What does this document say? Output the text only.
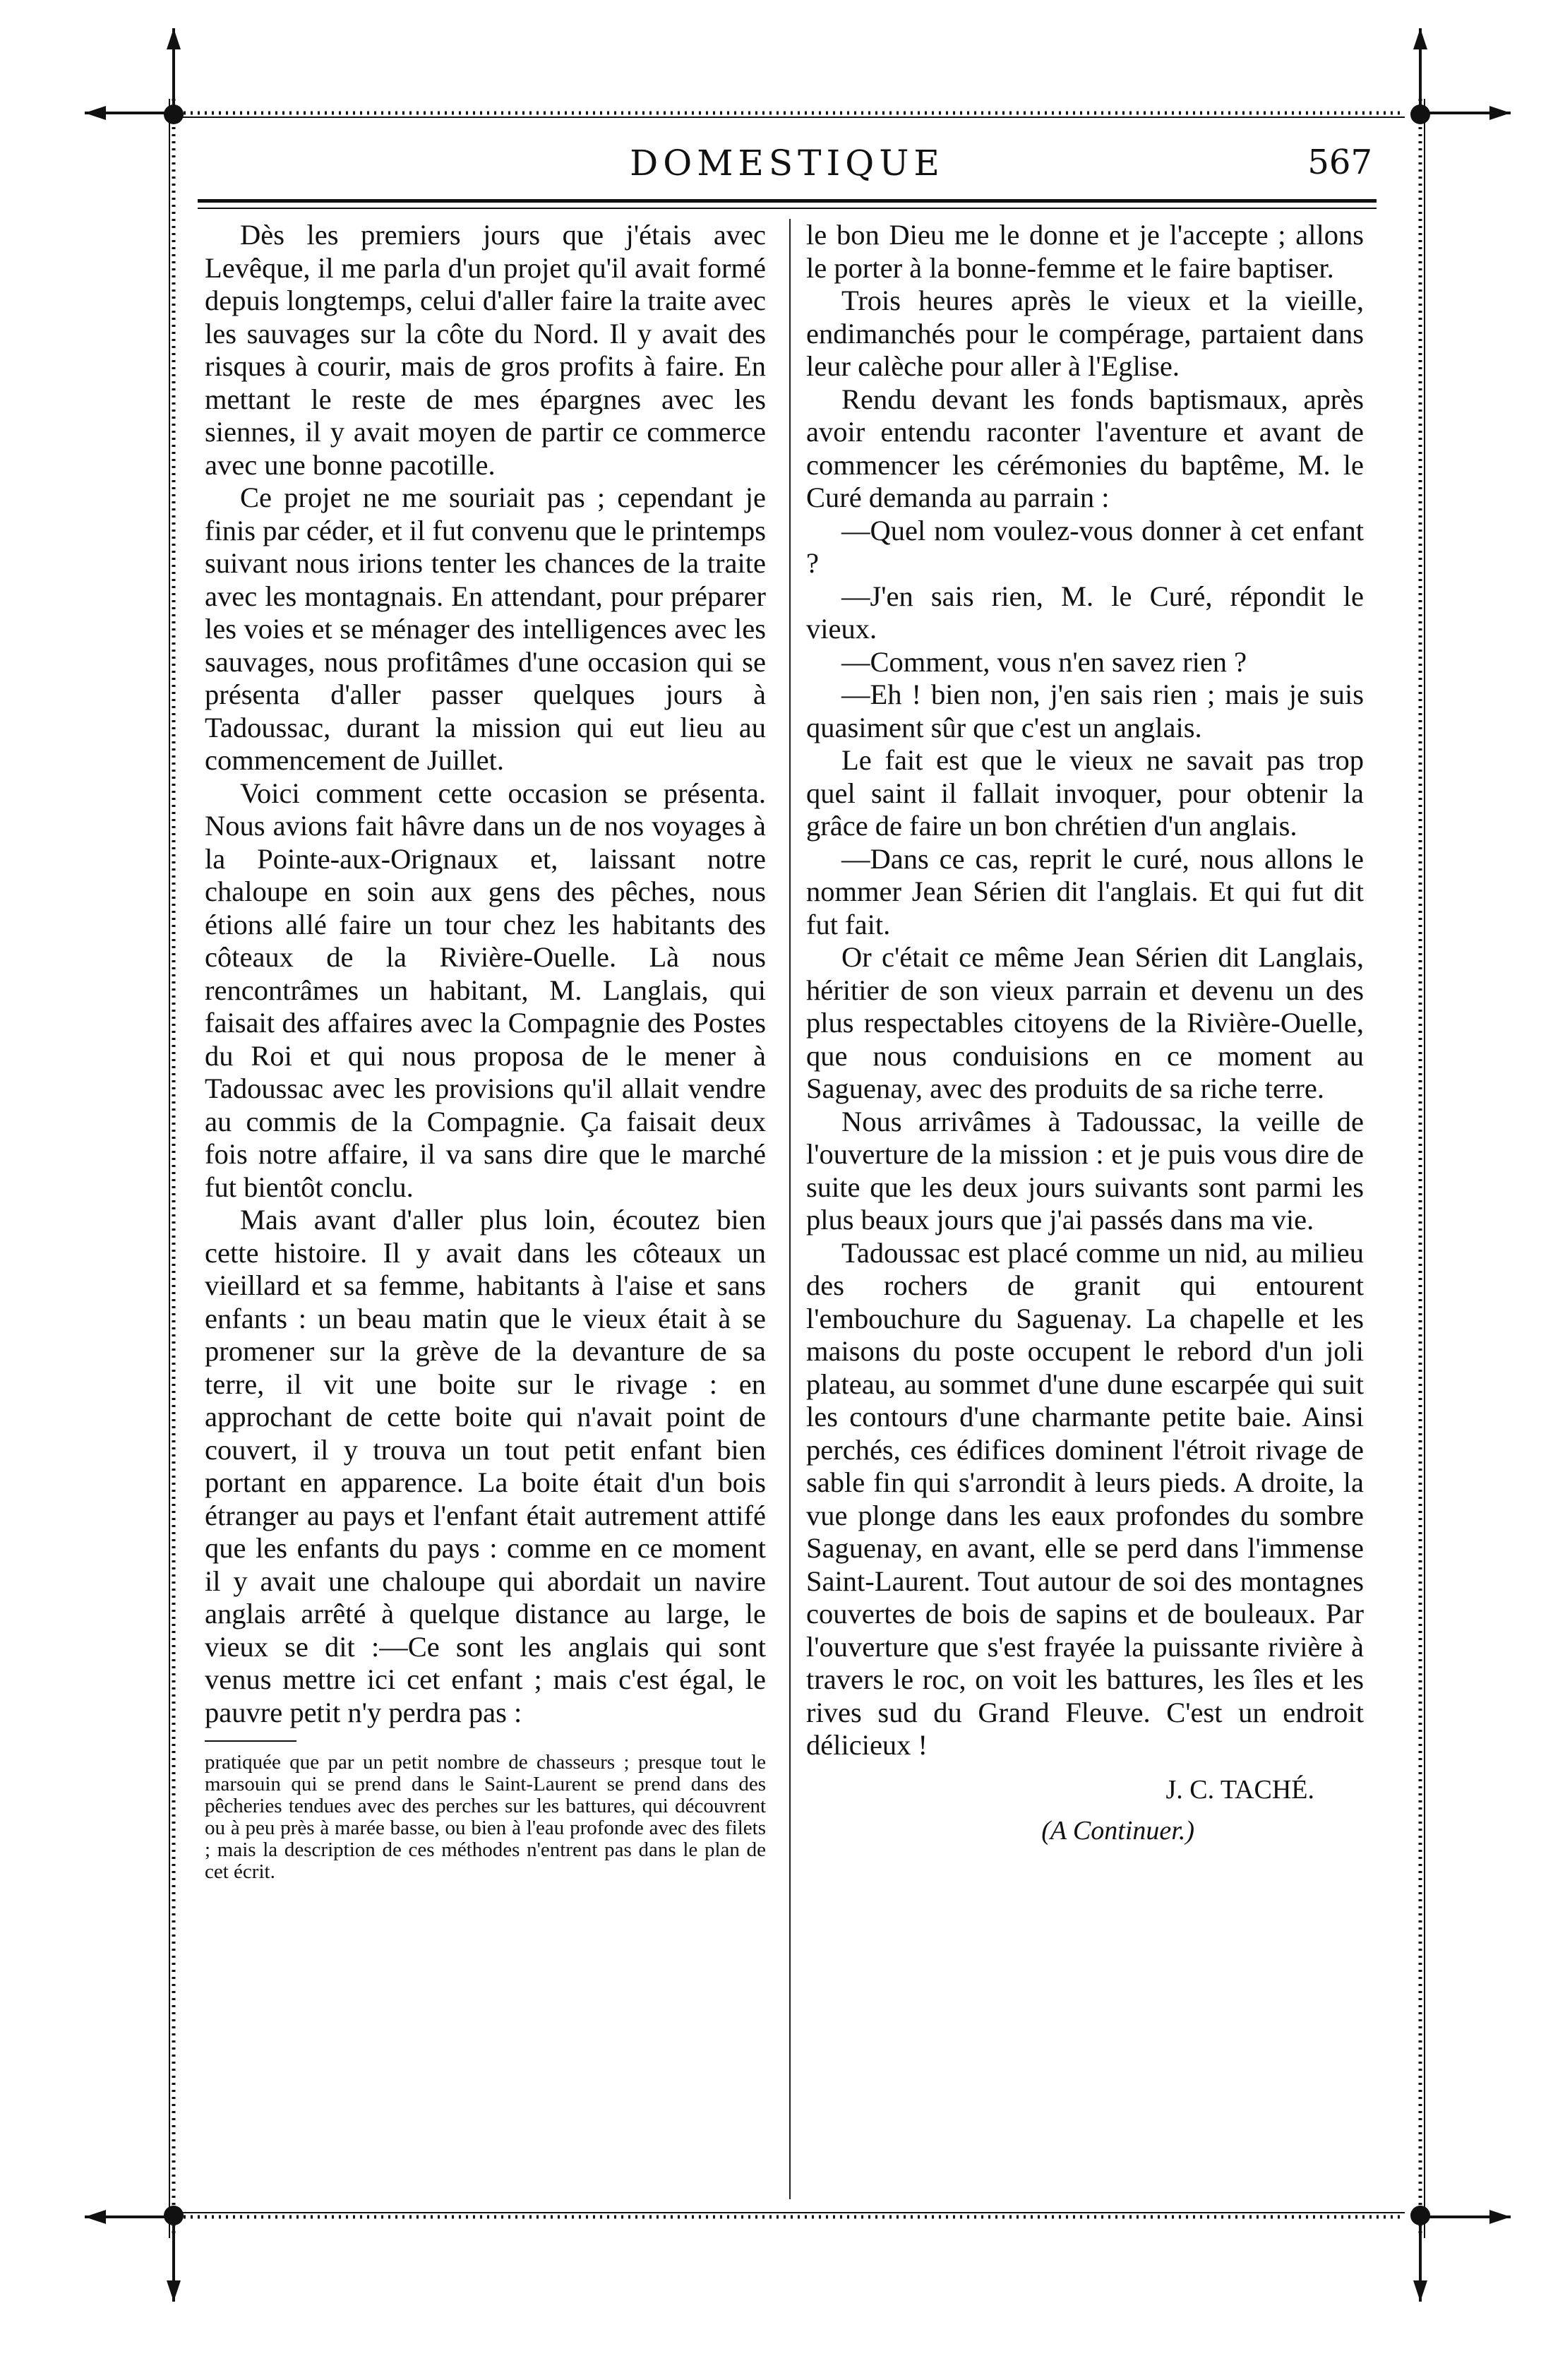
DOMESTIQUE	567

Dès les premiers jours que j'étais avec Levêque, il me parla d'un projet qu'il avait formé depuis longtemps, celui d'aller faire la traite avec les sauvages sur la côte du Nord. Il y avait des risques à courir, mais de gros profits à faire. En mettant le reste de mes épargnes avec les siennes, il y avait moyen de partir ce commerce avec une bonne pacotille.

Ce projet ne me souriait pas ; cependant je finis par céder, et il fut convenu que le printemps suivant nous irions tenter les chances de la traite avec les montagnais. En attendant, pour préparer les voies et se ménager des intelligences avec les sauvages, nous profitâmes d'une occasion qui se présenta d'aller passer quelques jours à Tadoussac, durant la mission qui eut lieu au commencement de Juillet.

Voici comment cette occasion se présenta. Nous avions fait hâvre dans un de nos voyages à la Pointe-aux-Orignaux et, laissant notre chaloupe en soin aux gens des pêches, nous étions allé faire un tour chez les habitants des côteaux de la Rivière-Ouelle. Là nous rencontrâmes un habitant, M. Langlais, qui faisait des affaires avec la Compagnie des Postes du Roi et qui nous proposa de le mener à Tadoussac avec les provisions qu'il allait vendre au commis de la Compagnie. Ça faisait deux fois notre affaire, il va sans dire que le marché fut bientôt conclu.

Mais avant d'aller plus loin, écoutez bien cette histoire. Il y avait dans les côteaux un vieillard et sa femme, habitants à l'aise et sans enfants : un beau matin que le vieux était à se promener sur la grève de la devanture de sa terre, il vit une boite sur le rivage : en approchant de cette boite qui n'avait point de couvert, il y trouva un tout petit enfant bien portant en apparence. La boite était d'un bois étranger au pays et l'enfant était autrement attifé que les enfants du pays : comme en ce moment il y avait une chaloupe qui abordait un navire anglais arrêté à quelque distance au large, le vieux se dit :—Ce sont les anglais qui sont venus mettre ici cet enfant ; mais c'est égal, le pauvre petit n'y perdra pas :

pratiquée que par un petit nombre de chasseurs ; presque tout le marsouin qui se prend dans le Saint-Laurent se prend dans des pêcheries tendues avec des perches sur les battures, qui découvrent ou à peu près à marée basse, ou bien à l'eau profonde avec des filets ; mais la description de ces méthodes n'entrent pas dans le plan de cet écrit.

le bon Dieu me le donne et je l'accepte ; allons le porter à la bonne-femme et le faire baptiser.

Trois heures après le vieux et la vieille, endimanchés pour le compérage, partaient dans leur calèche pour aller à l'Eglise.

Rendu devant les fonds baptismaux, après avoir entendu raconter l'aventure et avant de commencer les cérémonies du baptême, M. le Curé demanda au parrain :

—Quel nom voulez-vous donner à cet enfant ?

—J'en sais rien, M. le Curé, répondit le vieux.

—Comment, vous n'en savez rien ?

—Eh ! bien non, j'en sais rien ; mais je suis quasiment sûr que c'est un anglais.

Le fait est que le vieux ne savait pas trop quel saint il fallait invoquer, pour obtenir la grâce de faire un bon chrétien d'un anglais.

—Dans ce cas, reprit le curé, nous allons le nommer Jean Sérien dit l'anglais. Et qui fut dit fut fait.

Or c'était ce même Jean Sérien dit Langlais, héritier de son vieux parrain et devenu un des plus respectables citoyens de la Rivière-Ouelle, que nous conduisions en ce moment au Saguenay, avec des produits de sa riche terre.

Nous arrivâmes à Tadoussac, la veille de l'ouverture de la mission : et je puis vous dire de suite que les deux jours suivants sont parmi les plus beaux jours que j'ai passés dans ma vie.

Tadoussac est placé comme un nid, au milieu des rochers de granit qui entourent l'embouchure du Saguenay. La chapelle et les maisons du poste occupent le rebord d'un joli plateau, au sommet d'une dune escarpée qui suit les contours d'une charmante petite baie. Ainsi perchés, ces édifices dominent l'étroit rivage de sable fin qui s'arrondit à leurs pieds. A droite, la vue plonge dans les eaux profondes du sombre Saguenay, en avant, elle se perd dans l'immense Saint-Laurent. Tout autour de soi des montagnes couvertes de bois de sapins et de bouleaux. Par l'ouverture que s'est frayée la puissante rivière à travers le roc, on voit les battures, les îles et les rives sud du Grand Fleuve. C'est un endroit délicieux !

J. C. TACHÉ.
(A Continuer.)
